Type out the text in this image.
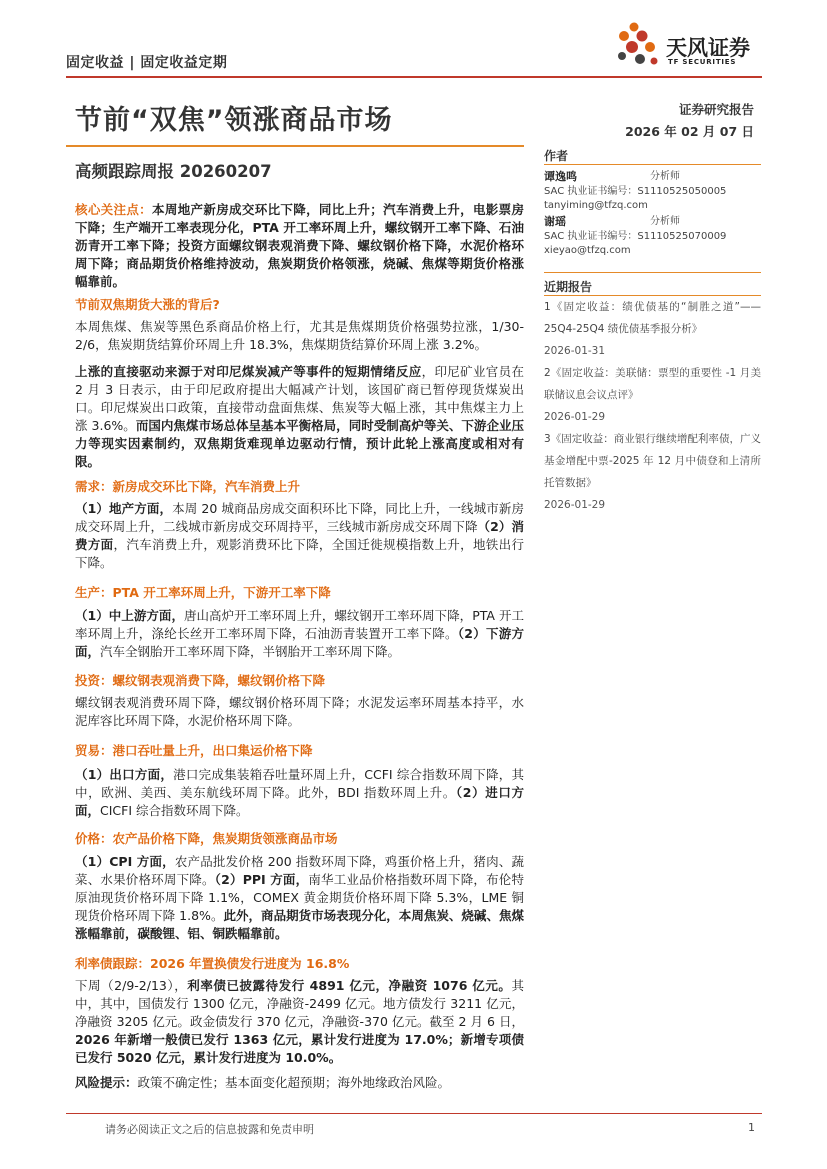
固定收益 | 固定收益定期
天风证券
TF SECURITIES
节前“双焦”领涨商品市场
高频跟踪周报 20260207
证券研究报告
2026 年 02 月 07 日
作者
谭逸鸣	分析师
SAC 执业证书编号：S1110525050005
tanyiming@tfzq.com
谢瑶	分析师
SAC 执业证书编号：S1110525070009
xieyao@tfzq.com
近期报告
1《固定收益：绩优债基的“制胜之道”——25Q4-25Q4 绩优债基季报分析》
2026-01-31
2《固定收益：美联储：票型的重要性 -1 月美联储议息会议点评》
2026-01-29
3《固定收益：商业银行继续增配利率债，广义基金增配中票-2025 年 12 月中债登和上清所托管数据》
2026-01-29
核心关注点：本周地产新房成交环比下降，同比上升；汽车消费上升，电影票房下降；生产端开工率表现分化，PTA 开工率环周上升，螺纹钢开工率下降、石油沥青开工率下降；投资方面螺纹钢表观消费下降、螺纹钢价格下降，水泥价格环周下降；商品期货价格维持波动，焦炭期货价格领涨，烧碱、焦煤等期货价格涨幅靠前。
节前双焦期货大涨的背后?
本周焦煤、焦炭等黑色系商品价格上行，尤其是焦煤期货价格强势拉涨，1/30-2/6，焦炭期货结算价环周上升 18.3%，焦煤期货结算价环周上涨 3.2%。
上涨的直接驱动来源于对印尼煤炭减产等事件的短期情绪反应，印尼矿业官员在 2 月 3 日表示，由于印尼政府提出大幅减产计划，该国矿商已暂停现货煤炭出口。印尼煤炭出口政策，直接带动盘面焦煤、焦炭等大幅上涨，其中焦煤主力上涨 3.6%。而国内焦煤市场总体呈基本平衡格局，同时受制高炉等关、下游企业压力等现实因素制约，双焦期货难现单边驱动行情，预计此轮上涨高度或相对有限。
需求：新房成交环比下降，汽车消费上升
（1）地产方面，本周 20 城商品房成交面积环比下降，同比上升，一线城市新房成交环周上升，二线城市新房成交环周持平，三线城市新房成交环周下降（2）消费方面，汽车消费上升，观影消费环比下降，全国迁徙规模指数上升，地铁出行下降。
生产：PTA 开工率环周上升，下游开工率下降
（1）中上游方面，唐山高炉开工率环周上升，螺纹钢开工率环周下降，PTA 开工率环周上升，涤纶长丝开工率环周下降，石油沥青装置开工率下降。（2）下游方面，汽车全钢胎开工率环周下降，半钢胎开工率环周下降。
投资：螺纹钢表观消费下降，螺纹钢价格下降
螺纹钢表观消费环周下降，螺纹钢价格环周下降；水泥发运率环周基本持平，水泥库容比环周下降，水泥价格环周下降。
贸易：港口吞吐量上升，出口集运价格下降
（1）出口方面，港口完成集装箱吞吐量环周上升，CCFI 综合指数环周下降，其中，欧洲、美西、美东航线环周下降。此外，BDI 指数环周上升。（2）进口方面，CICFI 综合指数环周下降。
价格：农产品价格下降，焦炭期货领涨商品市场
（1）CPI 方面，农产品批发价格 200 指数环周下降，鸡蛋价格上升，猪肉、蔬菜、水果价格环周下降。（2）PPI 方面，南华工业品价格指数环周下降，布伦特原油现货价格环周下降 1.1%，COMEX 黄金期货价格环周下降 5.3%，LME 铜现货价格环周下降 1.8%。此外，商品期货市场表现分化，本周焦炭、烧碱、焦煤涨幅靠前，碳酸锂、铝、铜跌幅靠前。
利率债跟踪：2026 年置换债发行进度为 16.8%
下周（2/9-2/13），利率债已披露待发行 4891 亿元，净融资 1076 亿元。其中，其中，国债发行 1300 亿元，净融资-2499 亿元。地方债发行 3211 亿元，净融资 3205 亿元。政金债发行 370 亿元，净融资-370 亿元。截至 2 月 6 日，2026 年新增一般债已发行 1363 亿元，累计发行进度为 17.0%；新增专项债已发行 5020 亿元，累计发行进度为 10.0%。
风险提示：政策不确定性；基本面变化超预期；海外地缘政治风险。
请务必阅读正文之后的信息披露和免责申明	1
